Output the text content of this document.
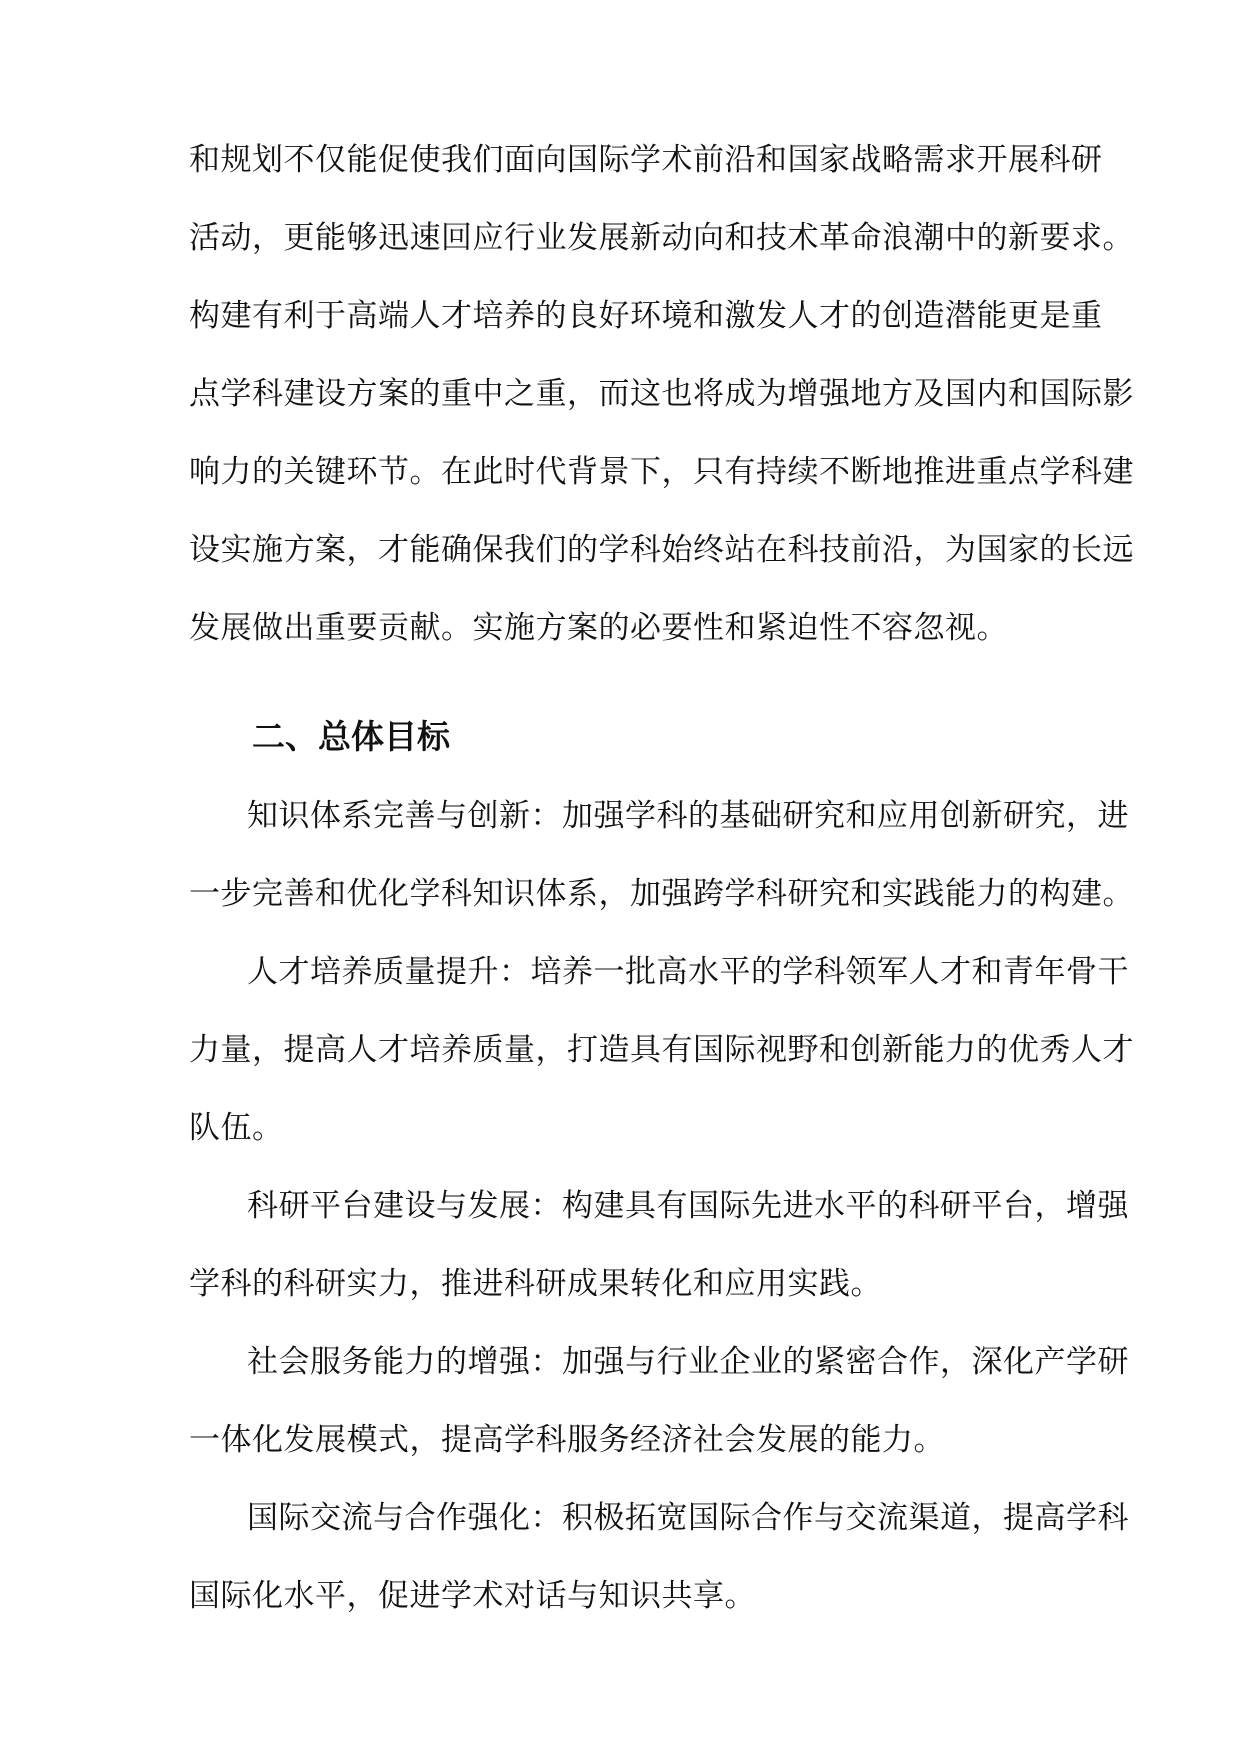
和规划不仅能促使我们面向国际学术前沿和国家战略需求开展科研
活动，更能够迅速回应行业发展新动向和技术革命浪潮中的新要求。
构建有利于高端人才培养的良好环境和激发人才的创造潜能更是重
点学科建设方案的重中之重，而这也将成为增强地方及国内和国际影
响力的关键环节。在此时代背景下，只有持续不断地推进重点学科建
设实施方案，才能确保我们的学科始终站在科技前沿，为国家的长远
发展做出重要贡献。实施方案的必要性和紧迫性不容忽视。
二、总体目标
知识体系完善与创新：加强学科的基础研究和应用创新研究，进
一步完善和优化学科知识体系，加强跨学科研究和实践能力的构建。
人才培养质量提升：培养一批高水平的学科领军人才和青年骨干
力量，提高人才培养质量，打造具有国际视野和创新能力的优秀人才
队伍。
科研平台建设与发展：构建具有国际先进水平的科研平台，增强
学科的科研实力，推进科研成果转化和应用实践。
社会服务能力的增强：加强与行业企业的紧密合作，深化产学研
一体化发展模式，提高学科服务经济社会发展的能力。
国际交流与合作强化：积极拓宽国际合作与交流渠道，提高学科
国际化水平，促进学术对话与知识共享。
